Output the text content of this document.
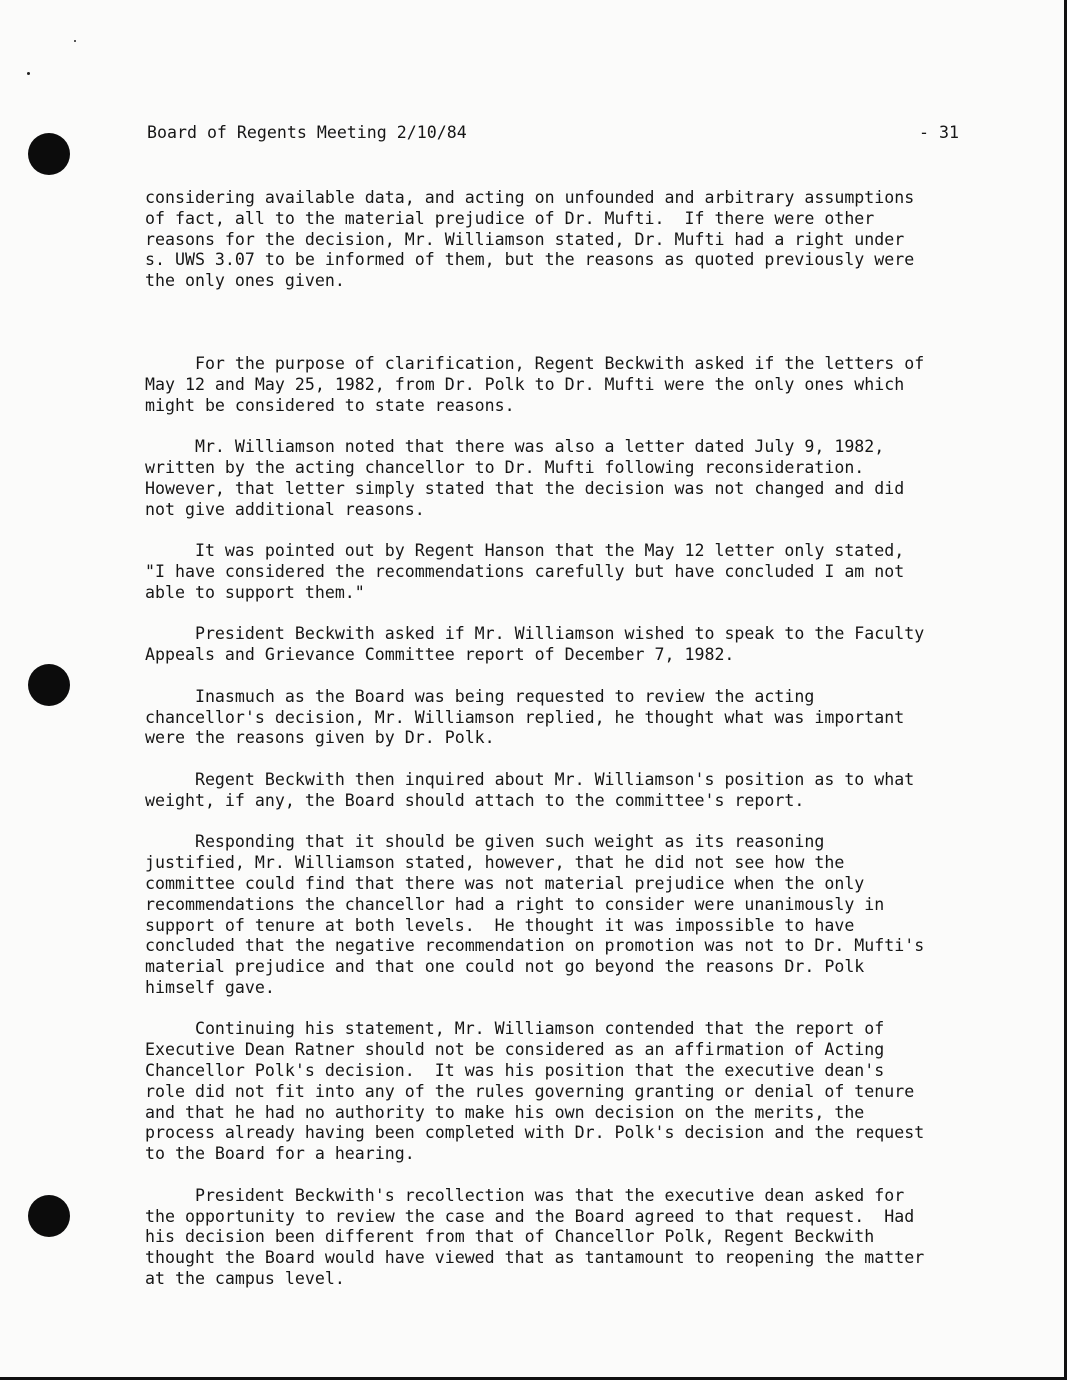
Board of Regents Meeting 2/10/84	- 31

considering available data, and acting on unfounded and arbitrary assumptions
of fact, all to the material prejudice of Dr. Mufti.  If there were other
reasons for the decision, Mr. Williamson stated, Dr. Mufti had a right under
s. UWS 3.07 to be informed of them, but the reasons as quoted previously were
the only ones given.

For the purpose of clarification, Regent Beckwith asked if the letters of
May 12 and May 25, 1982, from Dr. Polk to Dr. Mufti were the only ones which
might be considered to state reasons.

Mr. Williamson noted that there was also a letter dated July 9, 1982,
written by the acting chancellor to Dr. Mufti following reconsideration.
However, that letter simply stated that the decision was not changed and did
not give additional reasons.

It was pointed out by Regent Hanson that the May 12 letter only stated,
"I have considered the recommendations carefully but have concluded I am not
able to support them."

President Beckwith asked if Mr. Williamson wished to speak to the Faculty
Appeals and Grievance Committee report of December 7, 1982.

Inasmuch as the Board was being requested to review the acting
chancellor's decision, Mr. Williamson replied, he thought what was important
were the reasons given by Dr. Polk.

Regent Beckwith then inquired about Mr. Williamson's position as to what
weight, if any, the Board should attach to the committee's report.

Responding that it should be given such weight as its reasoning
justified, Mr. Williamson stated, however, that he did not see how the
committee could find that there was not material prejudice when the only
recommendations the chancellor had a right to consider were unanimously in
support of tenure at both levels.  He thought it was impossible to have
concluded that the negative recommendation on promotion was not to Dr. Mufti's
material prejudice and that one could not go beyond the reasons Dr. Polk
himself gave.

Continuing his statement, Mr. Williamson contended that the report of
Executive Dean Ratner should not be considered as an affirmation of Acting
Chancellor Polk's decision.  It was his position that the executive dean's
role did not fit into any of the rules governing granting or denial of tenure
and that he had no authority to make his own decision on the merits, the
process already having been completed with Dr. Polk's decision and the request
to the Board for a hearing.

President Beckwith's recollection was that the executive dean asked for
the opportunity to review the case and the Board agreed to that request.  Had
his decision been different from that of Chancellor Polk, Regent Beckwith
thought the Board would have viewed that as tantamount to reopening the matter
at the campus level.
